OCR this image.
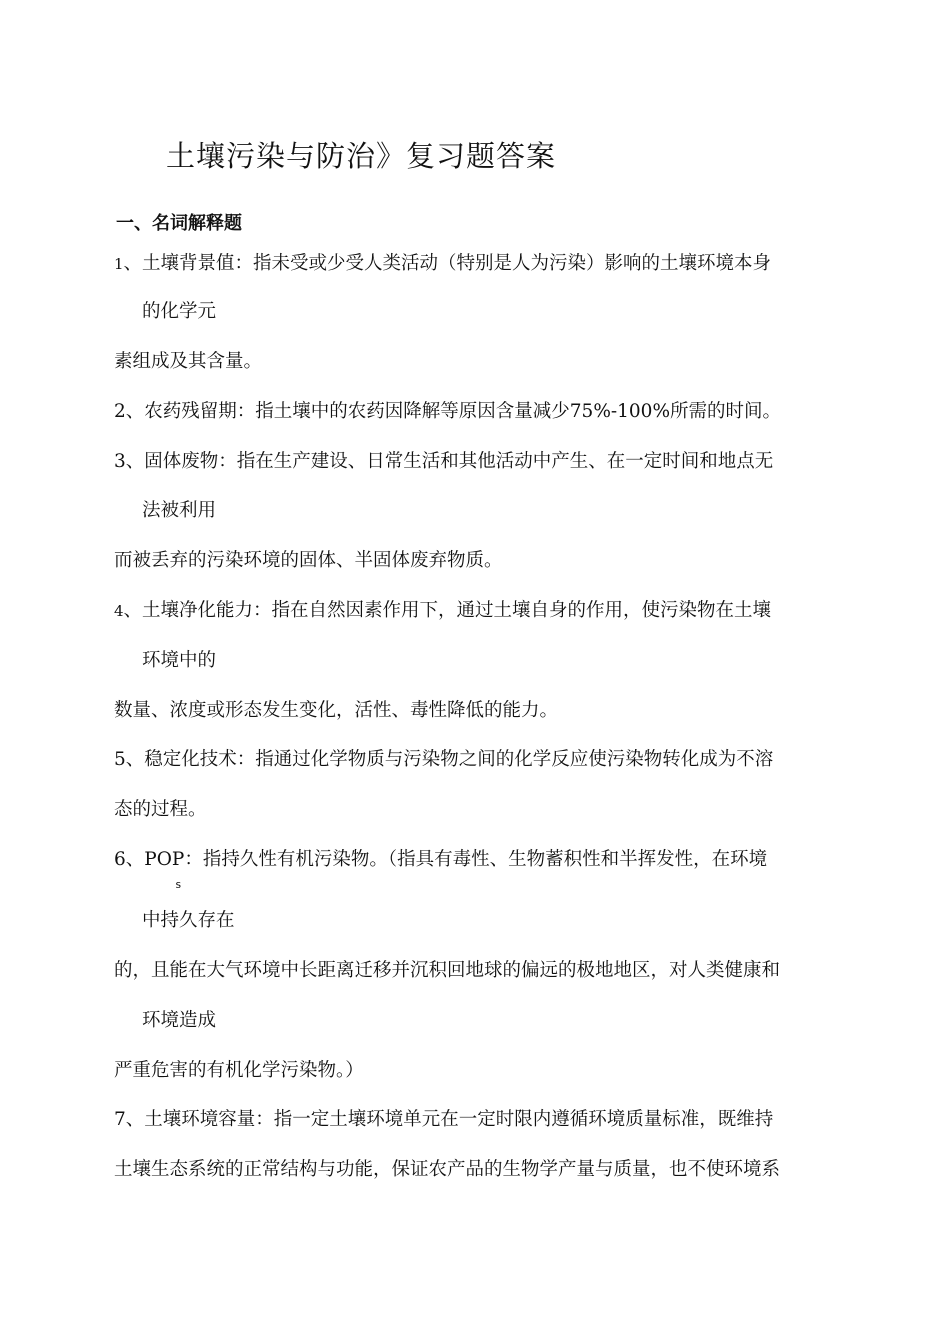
土壤污染与防治》复习题答案
一、名词解释题
1、土壤背景值：指未受或少受人类活动（特别是人为污染）影响的土壤环境本身
的化学元
素组成及其含量。
2、农药残留期：指土壤中的农药因降解等原因含量减少75%-100%所需的时间。
3、固体废物：指在生产建设、日常生活和其他活动中产生、在一定时间和地点无
法被利用
而被丢弃的污染环境的固体、半固体废弃物质。
4、土壤净化能力：指在自然因素作用下，通过土壤自身的作用，使污染物在土壤
环境中的
数量、浓度或形态发生变化，活性、毒性降低的能力。
5、稳定化技术：指通过化学物质与污染物之间的化学反应使污染物转化成为不溶
态的过程。
6、POP：指持久性有机污染物。（指具有毒性、生物蓄积性和半挥发性，在环境
s
中持久存在
的，且能在大气环境中长距离迁移并沉积回地球的偏远的极地地区，对人类健康和
环境造成
严重危害的有机化学污染物。）
7、土壤环境容量：指一定土壤环境单元在一定时限内遵循环境质量标准，既维持
土壤生态系统的正常结构与功能，保证农产品的生物学产量与质量，也不使环境系
